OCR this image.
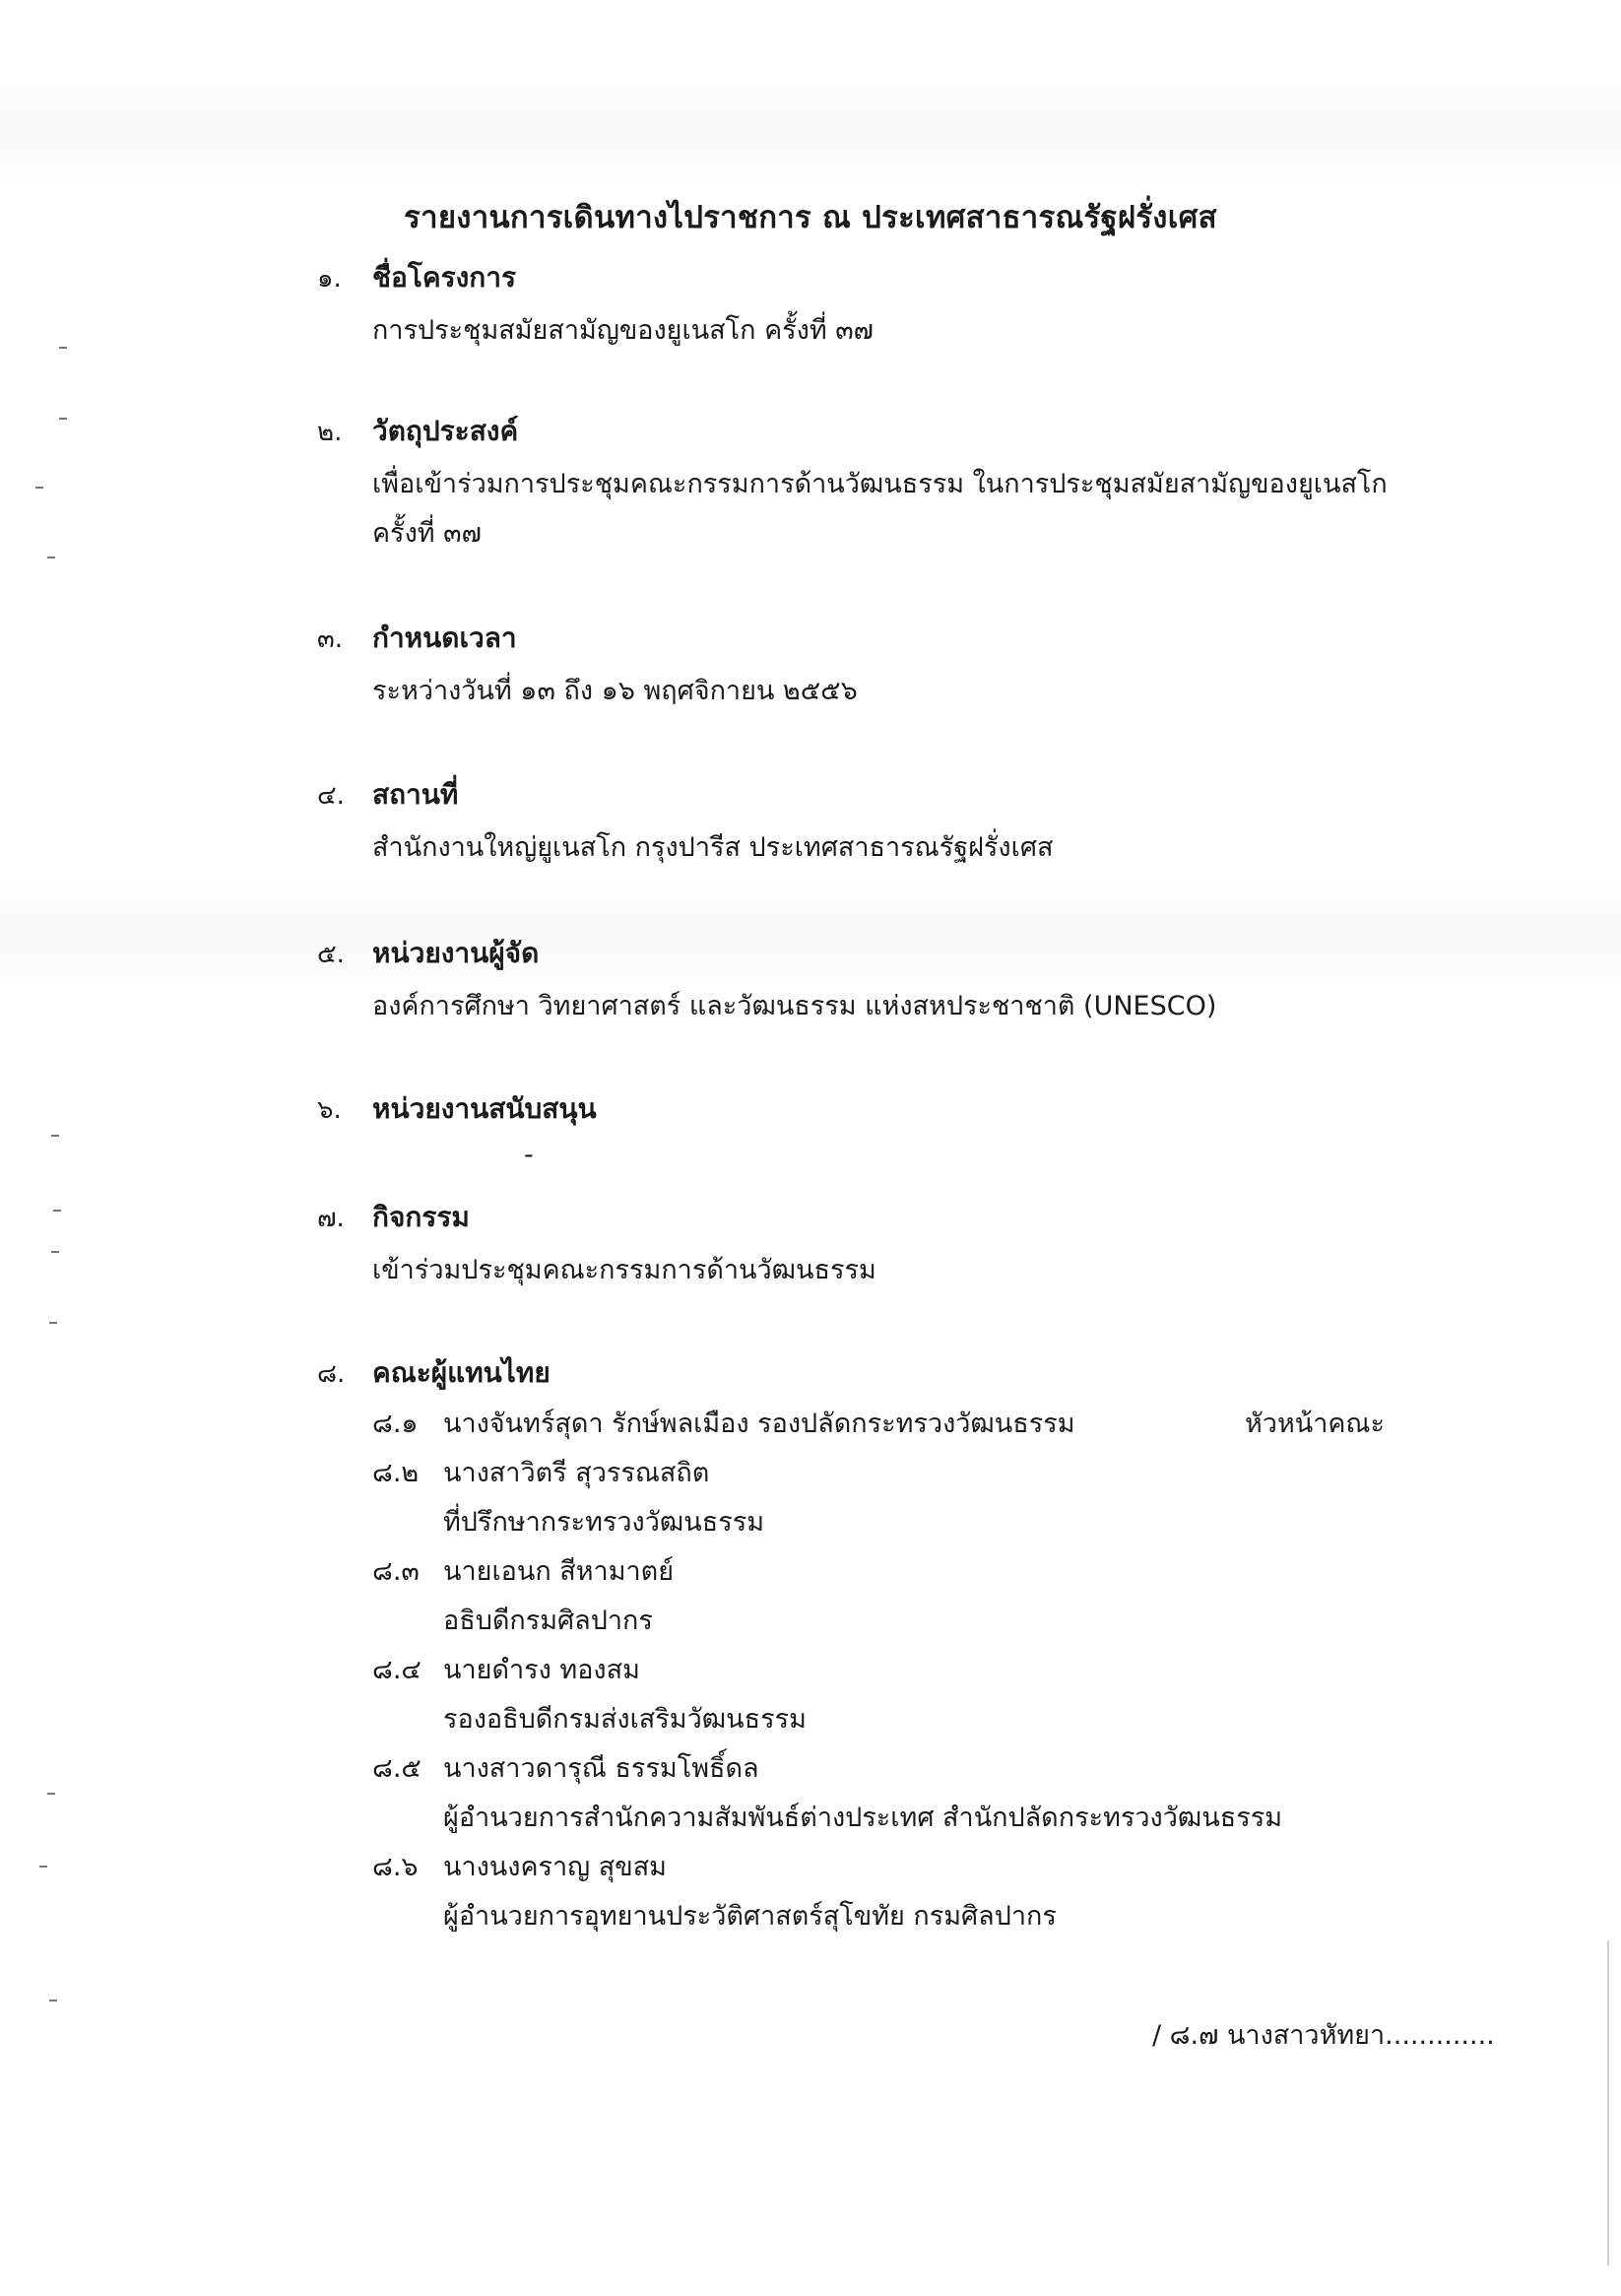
รายงานการเดินทางไปราชการ ณ ประเทศสาธารณรัฐฝรั่งเศส
๑. ชื่อโครงการ
การประชุมสมัยสามัญของยูเนสโก ครั้งที่ ๓๗
๒. วัตถุประสงค์
เพื่อเข้าร่วมการประชุมคณะกรรมการด้านวัฒนธรรม ในการประชุมสมัยสามัญของยูเนสโก
ครั้งที่ ๓๗
๓. กำหนดเวลา
ระหว่างวันที่ ๑๓ ถึง ๑๖ พฤศจิกายน ๒๕๕๖
๔. สถานที่
สำนักงานใหญ่ยูเนสโก กรุงปารีส ประเทศสาธารณรัฐฝรั่งเศส
๕. หน่วยงานผู้จัด
องค์การศึกษา วิทยาศาสตร์ และวัฒนธรรม แห่งสหประชาชาติ (UNESCO)
๖. หน่วยงานสนับสนุน
-
๗. กิจกรรม
เข้าร่วมประชุมคณะกรรมการด้านวัฒนธรรม
๘. คณะผู้แทนไทย
๘.๑ นางจันทร์สุดา รักษ์พลเมือง รองปลัดกระทรวงวัฒนธรรม	หัวหน้าคณะ
๘.๒ นางสาวิตรี สุวรรณสถิต
ที่ปรึกษากระทรวงวัฒนธรรม
๘.๓ นายเอนก สีหามาตย์
อธิบดีกรมศิลปากร
๘.๔ นายดำรง ทองสม
รองอธิบดีกรมส่งเสริมวัฒนธรรม
๘.๕ นางสาวดารุณี ธรรมโพธิ์ดล
ผู้อำนวยการสำนักความสัมพันธ์ต่างประเทศ สำนักปลัดกระทรวงวัฒนธรรม
๘.๖ นางนงคราญ สุขสม
ผู้อำนวยการอุทยานประวัติศาสตร์สุโขทัย กรมศิลปากร
/ ๘.๗ นางสาวหัทยา.............
